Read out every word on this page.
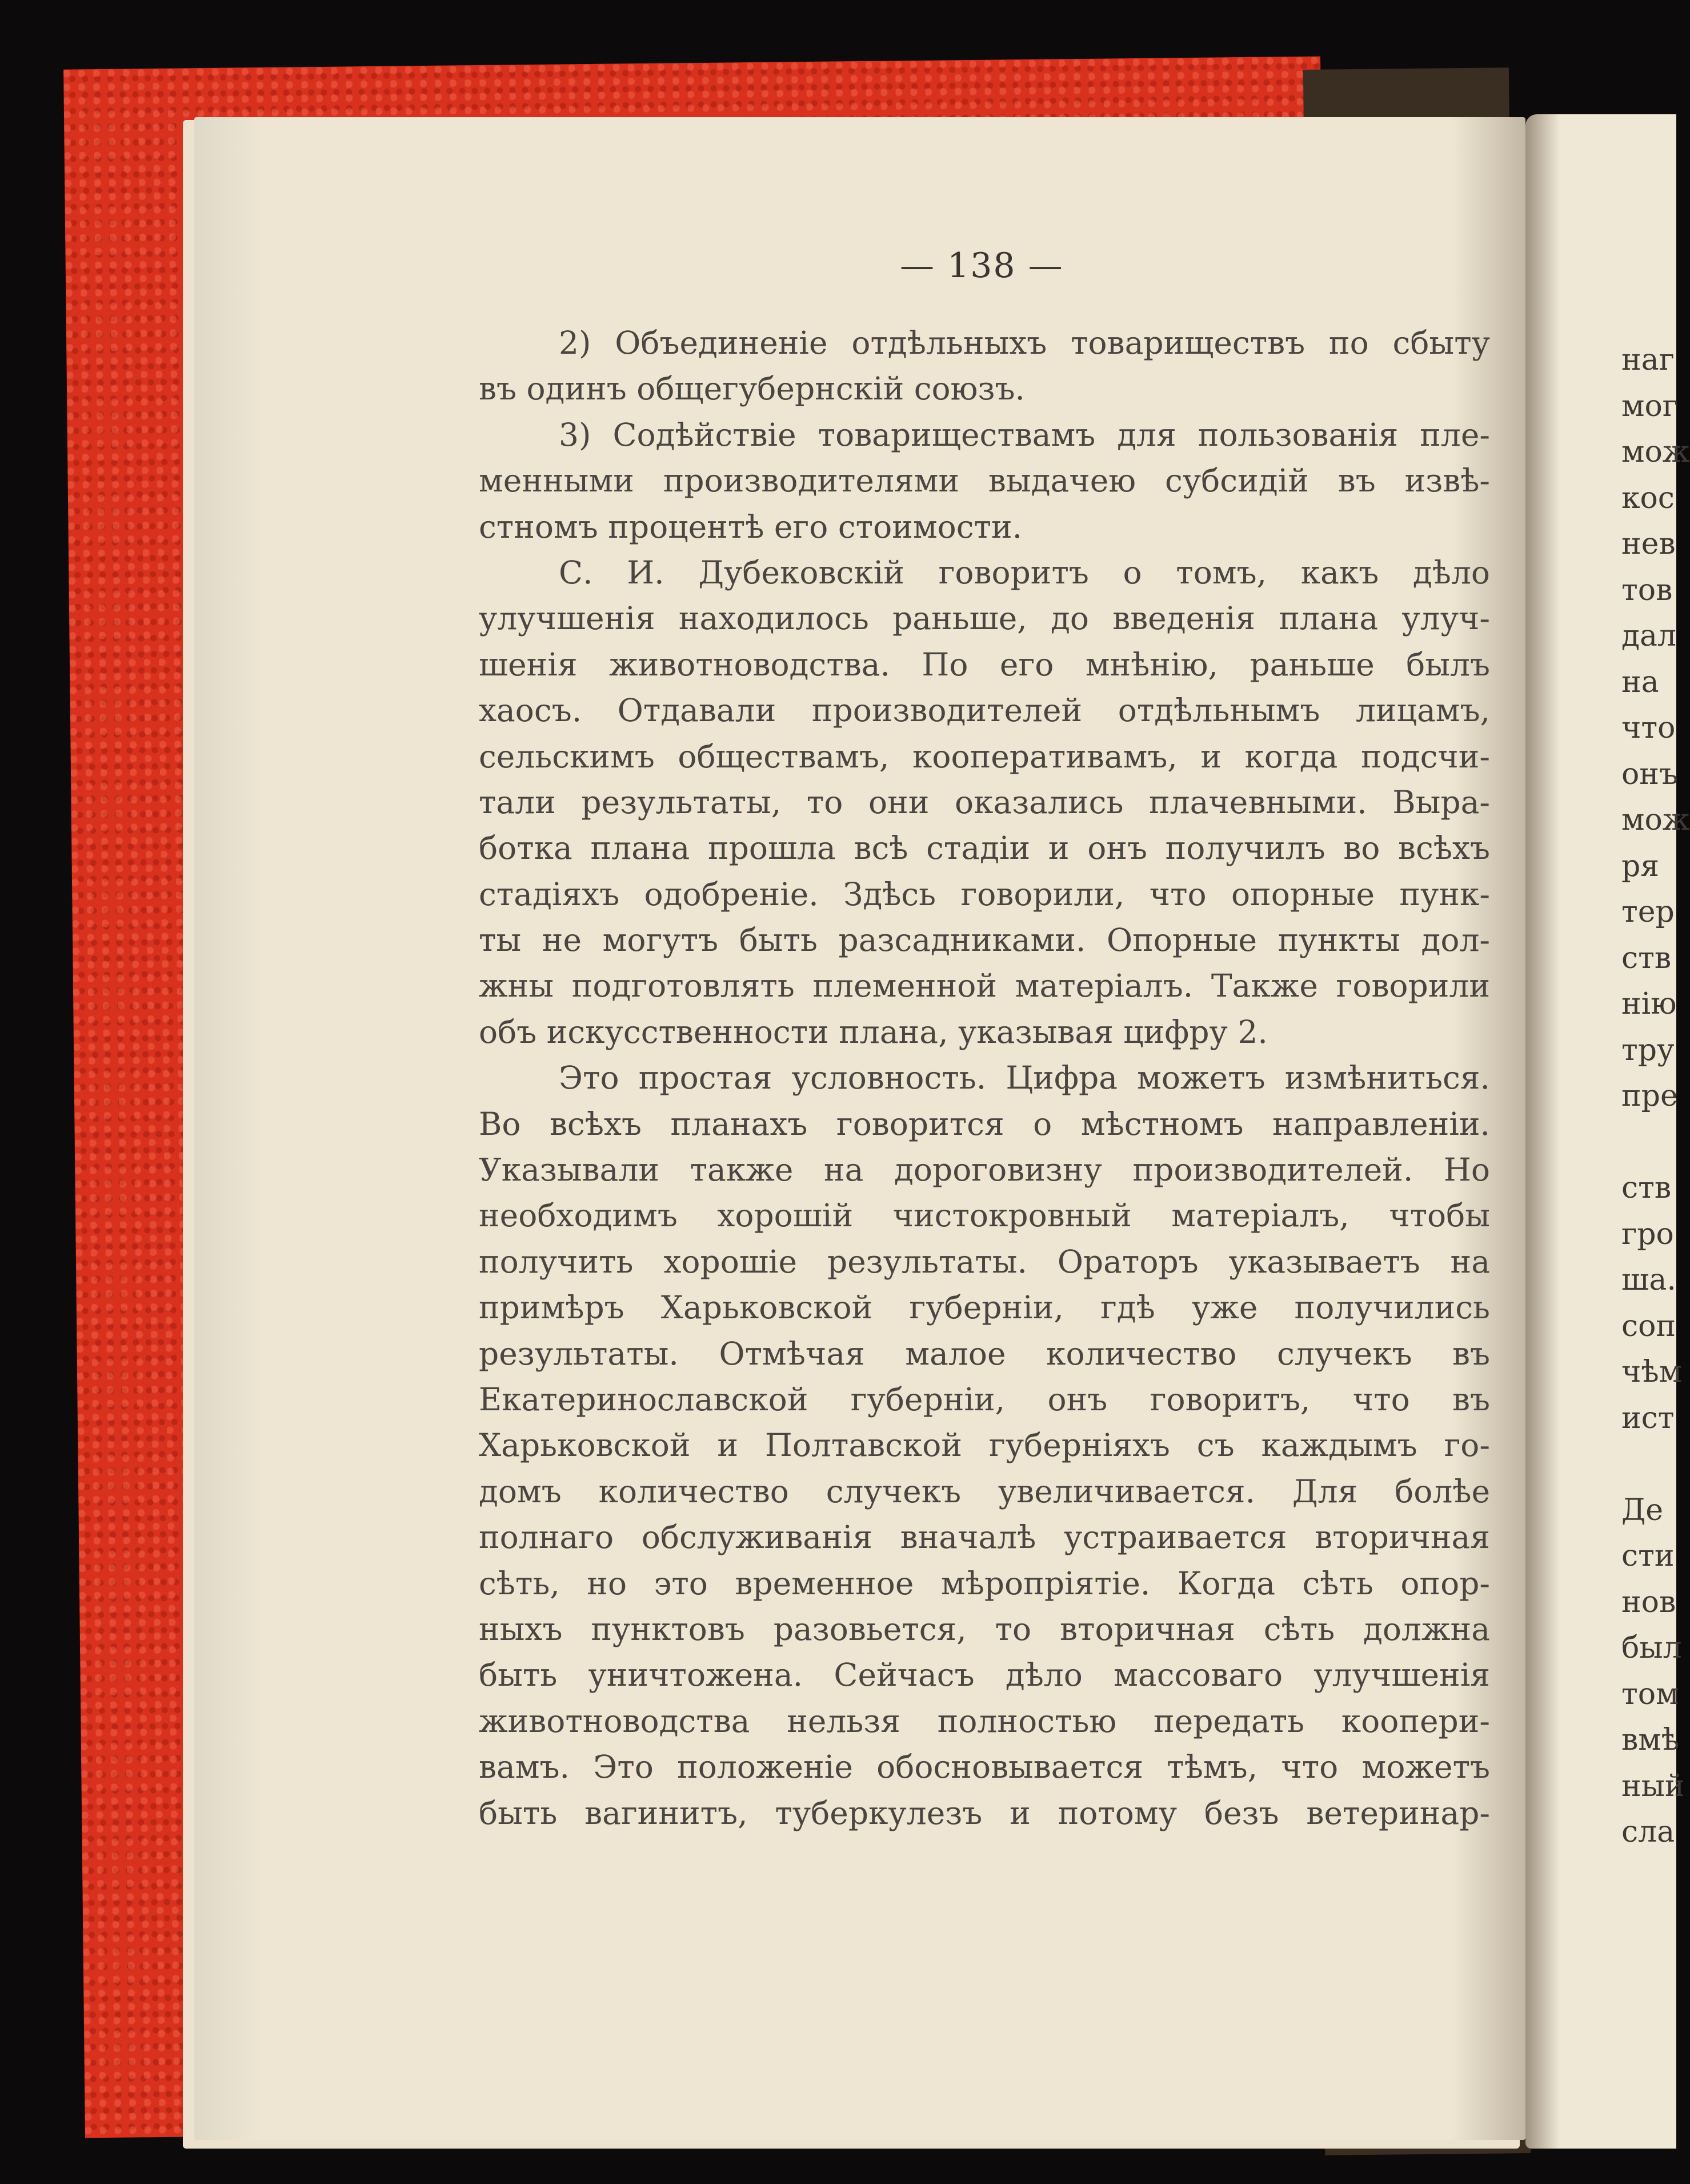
— 138 —
2) Объединеніе отдѣльныхъ товариществъ по сбыту
въ одинъ общегубернскій союзъ.
3) Содѣйствіе товариществамъ для пользованія пле-
менными производителями выдачею субсидій въ извѣ-
стномъ процентѣ его стоимости.
С. И. Дубековскій говоритъ о томъ, какъ дѣло
улучшенія находилось раньше, до введенія плана улуч-
шенія животноводства. По его мнѣнію, раньше былъ
хаосъ. Отдавали производителей отдѣльнымъ лицамъ,
сельскимъ обществамъ, кооперативамъ, и когда подсчи-
тали результаты, то они оказались плачевными. Выра-
ботка плана прошла всѣ стадіи и онъ получилъ во всѣхъ
стадіяхъ одобреніе. Здѣсь говорили, что опорные пунк-
ты не могутъ быть разсадниками. Опорные пункты дол-
жны подготовлять племенной матеріалъ. Также говорили
объ искусственности плана, указывая цифру 2.
Это простая условность. Цифра можетъ измѣниться.
Во всѣхъ планахъ говорится о мѣстномъ направленіи.
Указывали также на дороговизну производителей. Но
необходимъ хорошій чистокровный матеріалъ, чтобы
получить хорошіе результаты. Ораторъ указываетъ на
примѣръ Харьковской губерніи, гдѣ уже получились
результаты. Отмѣчая малое количество случекъ въ
Екатеринославской губерніи, онъ говоритъ, что въ
Харьковской и Полтавской губерніяхъ съ каждымъ го-
домъ количество случекъ увеличивается. Для болѣе
полнаго обслуживанія вначалѣ устраивается вторичная
сѣть, но это временное мѣропріятіе. Когда сѣть опор-
ныхъ пунктовъ разовьется, то вторичная сѣть должна
быть уничтожена. Сейчасъ дѣло массоваго улучшенія
животноводства нельзя полностью передать коопери-
вамъ. Это положеніе обосновывается тѣмъ, что можетъ
быть вагинитъ, туберкулезъ и потому безъ ветеринар-
наг
мог
мож
кос
нев
тов
дал
на
что
онъ
мож
ря
тер
ств
нію
тру
пре
ств
гро
ша.
соп
чѣм
ист
Де
сти
нов
был
том
вмѣ
ный
сла
